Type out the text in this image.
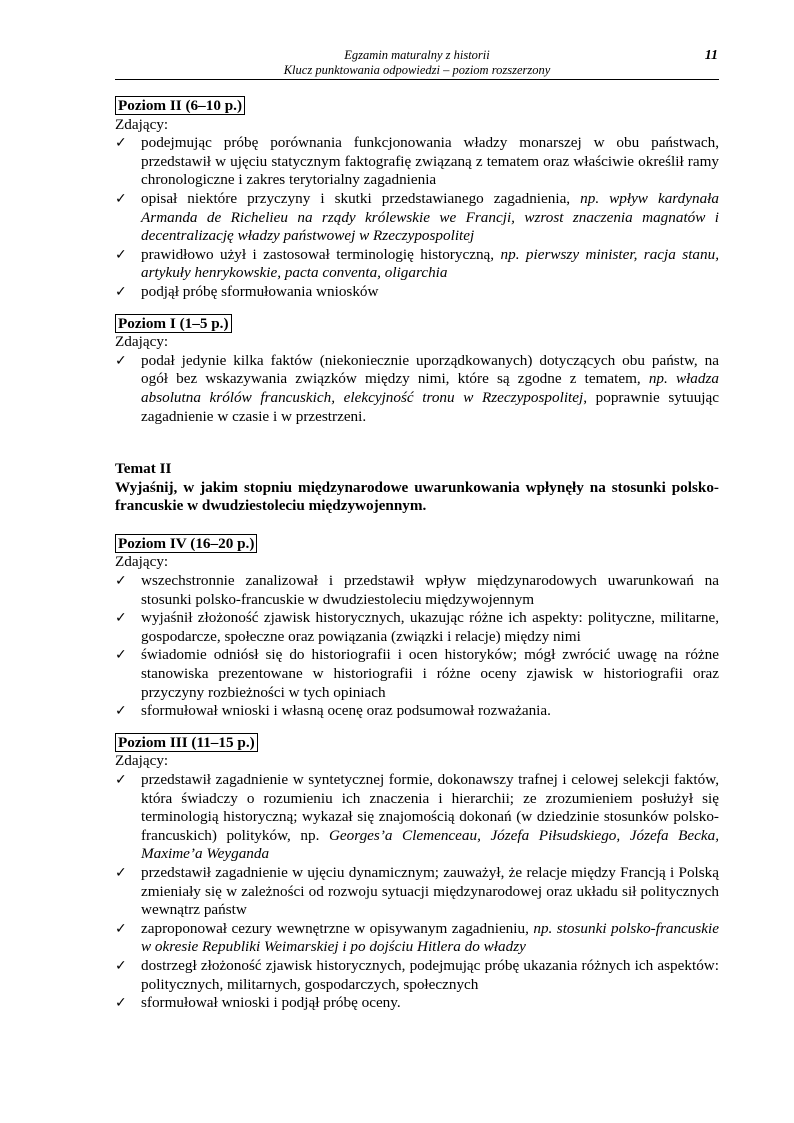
Egzamin maturalny z historii
Klucz punktowania odpowiedzi – poziom rozszerzony
11
Poziom II (6–10 p.)
Zdający:
✓ podejmując próbę porównania funkcjonowania władzy monarszej w obu państwach, przedstawił w ujęciu statycznym faktografię związaną z tematem oraz właściwie określił ramy chronologiczne i zakres terytorialny zagadnienia
✓ opisał niektóre przyczyny i skutki przedstawianego zagadnienia, np. wpływ kardynała Armanda de Richelieu na rządy królewskie we Francji, wzrost znaczenia magnatów i decentralizację władzy państwowej w Rzeczypospolitej
✓ prawidłowo użył i zastosował terminologię historyczną, np. pierwszy minister, racja stanu, artykuły henrykowskie, pacta conventa, oligarchia
✓ podjął próbę sformułowania wniosków
Poziom I (1–5 p.)
Zdający:
✓ podał jedynie kilka faktów (niekoniecznie uporządkowanych) dotyczących obu państw, na ogół bez wskazywania związków między nimi, które są zgodne z tematem, np. władza absolutna królów francuskich, elekcyjność tronu w Rzeczypospolitej, poprawnie sytuując zagadnienie w czasie i w przestrzeni.
Temat II
Wyjaśnij, w jakim stopniu międzynarodowe uwarunkowania wpłynęły na stosunki polsko-francuskie w dwudziestoleciu międzywojennym.
Poziom IV (16–20 p.)
Zdający:
✓ wszechstronnie zanalizował i przedstawił wpływ międzynarodowych uwarunkowań na stosunki polsko-francuskie w dwudziestoleciu międzywojennym
✓ wyjaśnił złożoność zjawisk historycznych, ukazując różne ich aspekty: polityczne, militarne, gospodarcze, społeczne oraz powiązania (związki i relacje) między nimi
✓ świadomie odniósł się do historiografii i ocen historyków; mógł zwrócić uwagę na różne stanowiska prezentowane w historiografii i różne oceny zjawisk w historiografii oraz przyczyny rozbieżności w tych opiniach
✓ sformułował wnioski i własną ocenę oraz podsumował rozważania.
Poziom III (11–15 p.)
Zdający:
✓ przedstawił zagadnienie w syntetycznej formie, dokonawszy trafnej i celowej selekcji faktów, która świadczy o rozumieniu ich znaczenia i hierarchii; ze zrozumieniem posłużył się terminologią historyczną; wykazał się znajomością dokonań (w dziedzinie stosunków polsko-francuskich) polityków, np. Georges’a Clemenceau, Józefa Piłsudskiego, Józefa Becka, Maxime’a Weyganda
✓ przedstawił zagadnienie w ujęciu dynamicznym; zauważył, że relacje między Francją i Polską zmieniały się w zależności od rozwoju sytuacji międzynarodowej oraz układu sił politycznych wewnątrz państw
✓ zaproponował cezury wewnętrzne w opisywanym zagadnieniu, np. stosunki polsko-francuskie w okresie Republiki Weimarskiej i po dojściu Hitlera do władzy
✓ dostrzegł złożoność zjawisk historycznych, podejmując próbę ukazania różnych ich aspektów: politycznych, militarnych, gospodarczych, społecznych
✓ sformułował wnioski i podjął próbę oceny.
